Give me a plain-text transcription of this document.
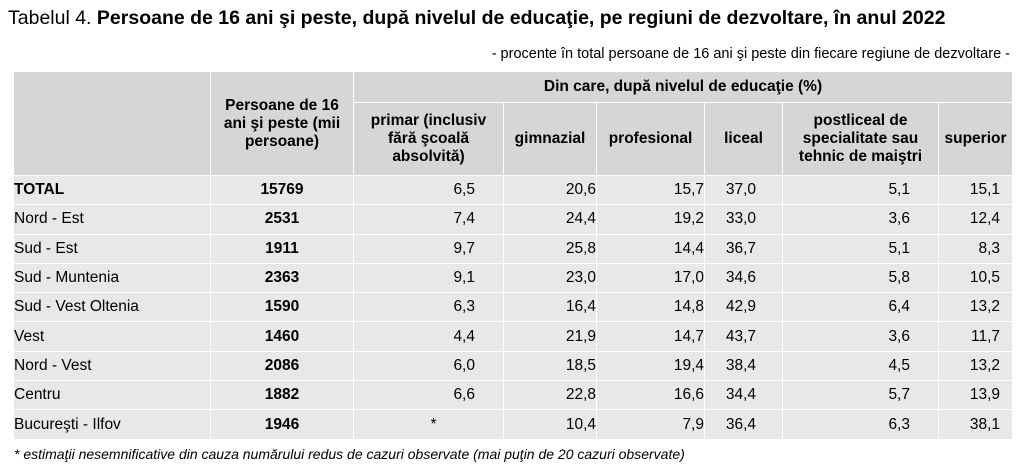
Tabelul 4. Persoane de 16 ani şi peste, după nivelul de educaţie, pe regiuni de dezvoltare, în anul 2022
- procente în total persoane de 16 ani şi peste din fiecare regiune de dezvoltare -
	Persoane de 16 ani şi peste (mii persoane)	Din care, după nivelul de educaţie (%)					
		primar (inclusiv fără şcoală absolvită)	gimnazial	profesional	liceal	postliceal de specialitate sau tehnic de maiştri	superior
TOTAL	15769	6,5	20,6	15,7	37,0	5,1	15,1
Nord - Est	2531	7,4	24,4	19,2	33,0	3,6	12,4
Sud - Est	1911	9,7	25,8	14,4	36,7	5,1	8,3
Sud - Muntenia	2363	9,1	23,0	17,0	34,6	5,8	10,5
Sud - Vest Oltenia	1590	6,3	16,4	14,8	42,9	6,4	13,2
Vest	1460	4,4	21,9	14,7	43,7	3,6	11,7
Nord - Vest	2086	6,0	18,5	19,4	38,4	4,5	13,2
Centru	1882	6,6	22,8	16,6	34,4	5,7	13,9
Bucureşti - Ilfov	1946	*	10,4	7,9	36,4	6,3	38,1
* estimaţii nesemnificative din cauza numărului redus de cazuri observate (mai puţin de 20 cazuri observate)
